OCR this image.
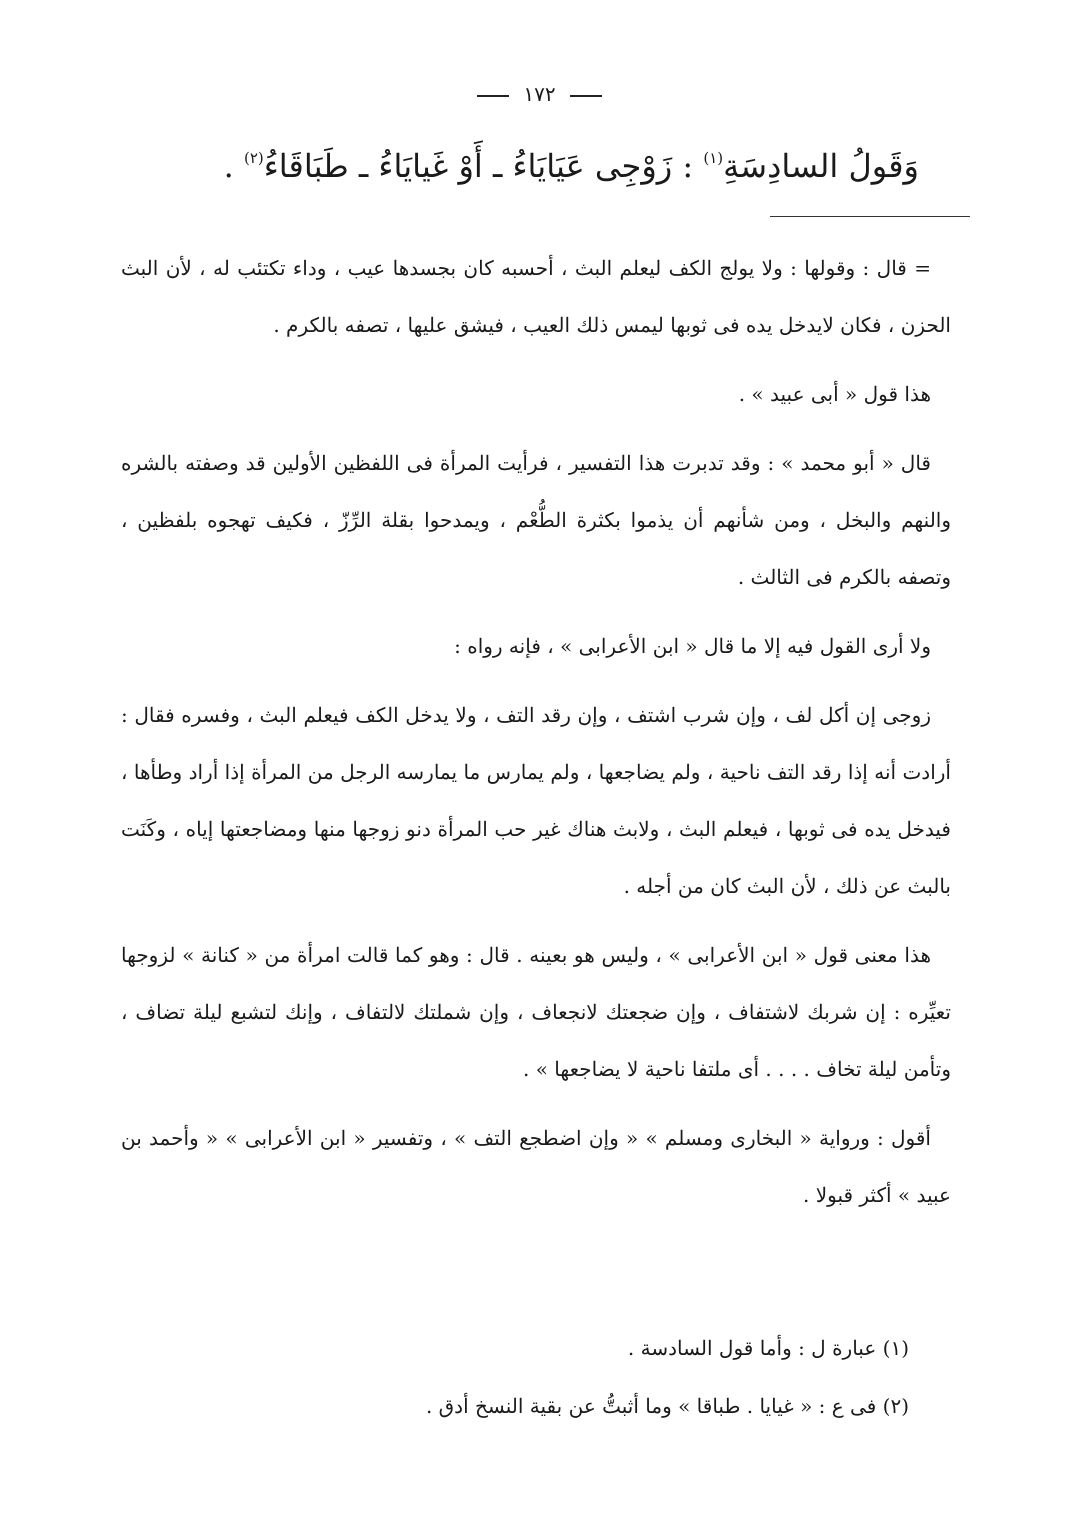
١٧٢
وَقَولُ السادِسَةِ$^{(١)}$ : زَوْجِى عَيَايَاءُ ـ أَوْ غَيايَاءُ ـ طَبَاقَاءُ$^{(٢)}$ .

= قال : وقولها : ولا يولج الكف ليعلم البث ، أحسبه كان بجسدها عيب ، وداء تكتئب له ، لأن البث الحزن ، فكان لايدخل يده فى ثوبها ليمس ذلك العيب ، فيشق عليها ، تصفه بالكرم .

هذا قول « أبى عبيد » .

قال « أبو محمد » : وقد تدبرت هذا التفسير ، فرأيت المرأة فى اللفظين الأولين قد وصفته بالشره والنهم والبخل ، ومن شأنهم أن يذموا بكثرة الطُّعْم ، ويمدحوا بقلة الرِّزّ ، فكيف تهجوه بلفظين ، وتصفه بالكرم فى الثالث .

ولا أرى القول فيه إلا ما قال « ابن الأعرابى » ، فإنه رواه :

زوجى إن أكل لف ، وإن شرب اشتف ، وإن رقد التف ، ولا يدخل الكف فيعلم البث ، وفسره فقال : أرادت أنه إذا رقد التف ناحية ، ولم يضاجعها ، ولم يمارس ما يمارسه الرجل من المرأة إذا أراد وطأها ، فيدخل يده فى ثوبها ، فيعلم البث ، ولابث هناك غير حب المرأة دنو زوجها منها ومضاجعتها إياه ، وكَنَت بالبث عن ذلك ، لأن البث كان من أجله .

هذا معنى قول « ابن الأعرابى » ، وليس هو بعينه . قال : وهو كما قالت امرأة من « كنانة » لزوجها تعيِّره : إن شربك لاشتفاف ، وإن ضجعتك لانجعاف ، وإن شملتك لالتفاف ، وإنك لتشبع ليلة تضاف ، وتأمن ليلة تخاف . . . . أى ملتفا ناحية لا يضاجعها » .

أقول : ورواية « البخارى ومسلم » « وإن اضطجع التف » ، وتفسير « ابن الأعرابى » « وأحمد بن عبيد » أكثر قبولا .

(١) عبارة ل : وأما قول السادسة .

(٢) فى ع : « غيايا . طباقا » وما أثبتُّ عن بقية النسخ أدق .
